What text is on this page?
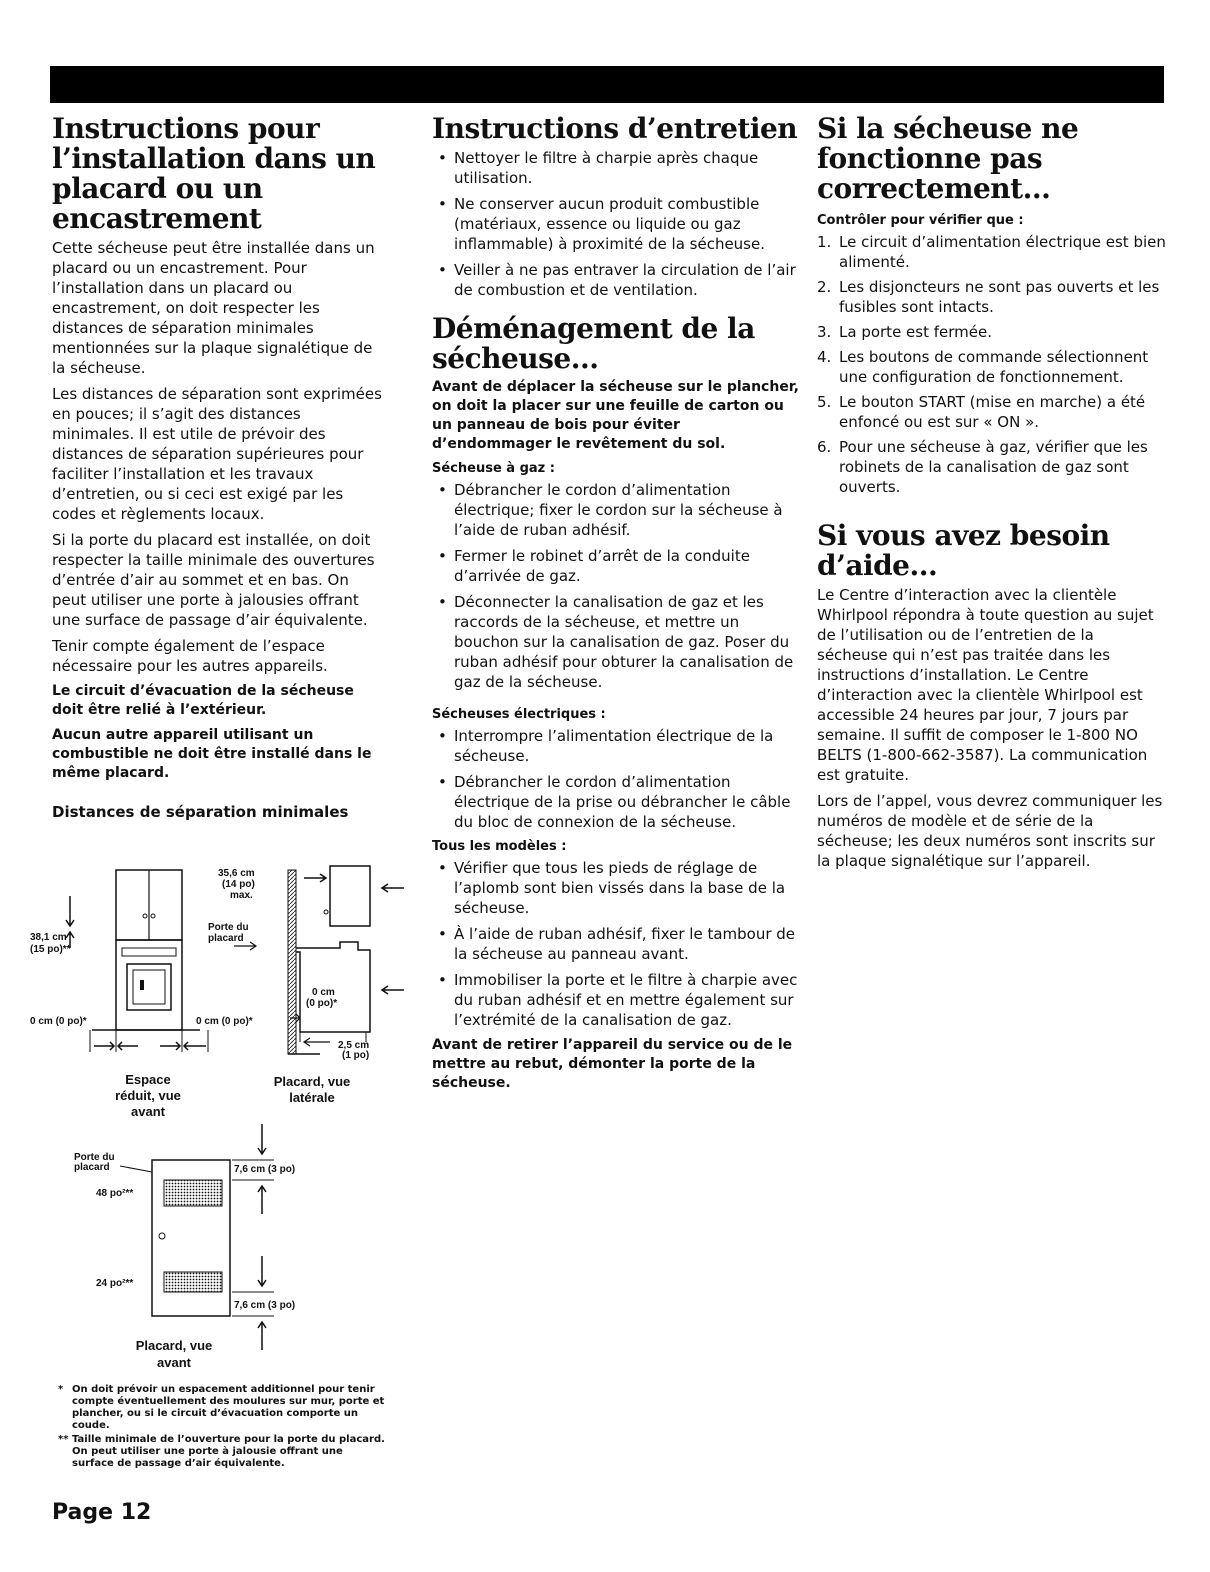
Instructions pour l’installation dans un placard ou un encastrement

Cette sécheuse peut être installée dans un placard ou un encastrement. Pour l’installation dans un placard ou encastrement, on doit respecter les distances de séparation minimales mentionnées sur la plaque signalétique de la sécheuse.

Les distances de séparation sont exprimées en pouces; il s’agit des distances minimales. Il est utile de prévoir des distances de séparation supérieures pour faciliter l’installation et les travaux d’entretien, ou si ceci est exigé par les codes et règlements locaux.

Si la porte du placard est installée, on doit respecter la taille minimale des ouvertures d’entrée d’air au sommet et en bas. On peut utiliser une porte à jalousies offrant une surface de passage d’air équivalente.

Tenir compte également de l’espace nécessaire pour les autres appareils.

Le circuit d’évacuation de la sécheuse doit être relié à l’extérieur.

Aucun autre appareil utilisant un combustible ne doit être installé dans le même placard.

Distances de séparation minimales
38,1 cm
(15 po)**
0 cm (0 po)*	0 cm (0 po)*
35,6 cm
(14 po)
max.
Porte du
placard
0 cm
(0 po)*
2,5 cm
(1 po)
Espace
réduit, vue
avant
Placard, vue
latérale
Porte du
placard
48 po²**
24 po²**
7,6 cm (3 po)
7,6 cm (3 po)
Placard, vue
avant
* On doit prévoir un espacement additionnel pour tenir compte éventuellement des moulures sur mur, porte et plancher, ou si le circuit d’évacuation comporte un coude.
** Taille minimale de l’ouverture pour la porte du placard. On peut utiliser une porte à jalousie offrant une surface de passage d’air équivalente.
Page 12
Instructions d’entretien
• Nettoyer le filtre à charpie après chaque utilisation.
• Ne conserver aucun produit combustible (matériaux, essence ou liquide ou gaz inflammable) à proximité de la sécheuse.
• Veiller à ne pas entraver la circulation de l’air de combustion et de ventilation.
Déménagement de la sécheuse...

Avant de déplacer la sécheuse sur le plancher, on doit la placer sur une feuille de carton ou un panneau de bois pour éviter d’endommager le revêtement du sol.

Sécheuse à gaz :
• Débrancher le cordon d’alimentation électrique; fixer le cordon sur la sécheuse à l’aide de ruban adhésif.
• Fermer le robinet d’arrêt de la conduite d’arrivée de gaz.
• Déconnecter la canalisation de gaz et les raccords de la sécheuse, et mettre un bouchon sur la canalisation de gaz. Poser du ruban adhésif pour obturer la canalisation de gaz de la sécheuse.
Sécheuses électriques :
• Interrompre l’alimentation électrique de la sécheuse.
• Débrancher le cordon d’alimentation électrique de la prise ou débrancher le câble du bloc de connexion de la sécheuse.
Tous les modèles :
• Vérifier que tous les pieds de réglage de l’aplomb sont bien vissés dans la base de la sécheuse.
• À l’aide de ruban adhésif, fixer le tambour de la sécheuse au panneau avant.
• Immobiliser la porte et le filtre à charpie avec du ruban adhésif et en mettre également sur l’extrémité de la canalisation de gaz.

Avant de retirer l’appareil du service ou de le mettre au rebut, démonter la porte de la sécheuse.

Si la sécheuse ne fonctionne pas correctement...
Contrôler pour vérifier que :
1. Le circuit d’alimentation électrique est bien alimenté.
2. Les disjoncteurs ne sont pas ouverts et les fusibles sont intacts.
3. La porte est fermée.
4. Les boutons de commande sélectionnent une configuration de fonctionnement.
5. Le bouton START (mise en marche) a été enfoncé ou est sur « ON ».
6. Pour une sécheuse à gaz, vérifier que les robinets de la canalisation de gaz sont ouverts.
Si vous avez besoin d’aide...

Le Centre d’interaction avec la clientèle Whirlpool répondra à toute question au sujet de l’utilisation ou de l’entretien de la sécheuse qui n’est pas traitée dans les instructions d’installation. Le Centre d’interaction avec la clientèle Whirlpool est accessible 24 heures par jour, 7 jours par semaine. Il suffit de composer le 1-800 NO BELTS (1-800-662-3587). La communication est gratuite.

Lors de l’appel, vous devrez communiquer les numéros de modèle et de série de la sécheuse; les deux numéros sont inscrits sur la plaque signalétique sur l’appareil.
